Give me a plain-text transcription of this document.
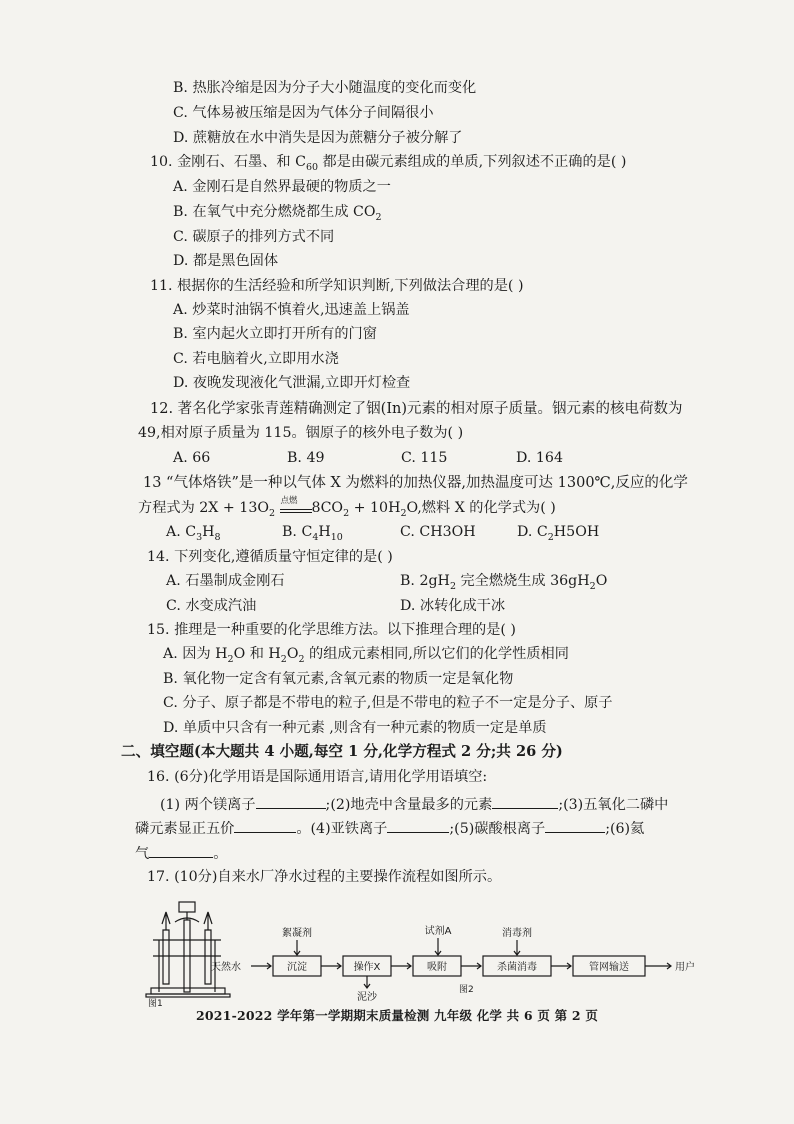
B. 热胀冷缩是因为分子大小随温度的变化而变化
C. 气体易被压缩是因为气体分子间隔很小
D. 蔗糖放在水中消失是因为蔗糖分子被分解了
10. 金刚石、石墨、和 $C_{60}$ 都是由碳元素组成的单质,下列叙述不正确的是( )
A. 金刚石是自然界最硬的物质之一
B. 在氧气中充分燃烧都生成 $CO_2$
C. 碳原子的排列方式不同
D. 都是黑色固体
11. 根据你的生活经验和所学知识判断,下列做法合理的是( )
A. 炒菜时油锅不慎着火,迅速盖上锅盖
B. 室内起火立即打开所有的门窗
C. 若电脑着火,立即用水浇
D. 夜晚发现液化气泄漏,立即开灯检查
12. 著名化学家张青莲精确测定了铟(In)元素的相对原子质量。铟元素的核电荷数为
49,相对原子质量为 115。铟原子的核外电子数为( )
A. 66	B. 49	C. 115	D. 164
13 “气体烙铁”是一种以气体 X 为燃料的加热仪器,加热温度可达 1300℃,反应的化学
方程式为 $2X + 13O_2$
点燃 $8CO_2 + 10H_2O$,燃料 X 的化学式为( )
A. $C_3H_8$	B. $C_4H_{10}$	C. CH3OH	D. $C_2H5OH$
14. 下列变化,遵循质量守恒定律的是( )
A. 石墨制成金刚石	B. $2gH_2$ 完全燃烧生成 $36gH_2O$
C. 水变成汽油	D. 冰转化成干冰
15. 推理是一种重要的化学思维方法。以下推理合理的是( )
A. 因为 $H_2O$ 和 $H_2O_2$ 的组成元素相同,所以它们的化学性质相同
B. 氧化物一定含有氧元素,含氧元素的物质一定是氧化物
C. 分子、原子都是不带电的粒子,但是不带电的粒子不一定是分子、原子
D. 单质中只含有一种元素 ,则含有一种元素的物质一定是单质
二、填空题(本大题共 4 小题,每空 1 分,化学方程式 2 分;共 26 分)
16. (6分)化学用语是国际通用语言,请用化学用语填空:
(1) 两个镁离子	;(2)地壳中含量最多的元素	;(3)五氧化二磷中
磷元素显正五价	。(4)亚铁离子	;(5)碳酸根离子	;(6)氦
气	。
17. (10分)自来水厂净水过程的主要操作流程如图所示。
图1
天然水	沉淀	操作X	吸附	杀菌消毒	管网输送	用户
絮凝剂	试剂A	消毒剂
泥沙
图2
2021-2022 学年第一学期期末质量检测 九年级 化学 共 6 页 第 2 页
